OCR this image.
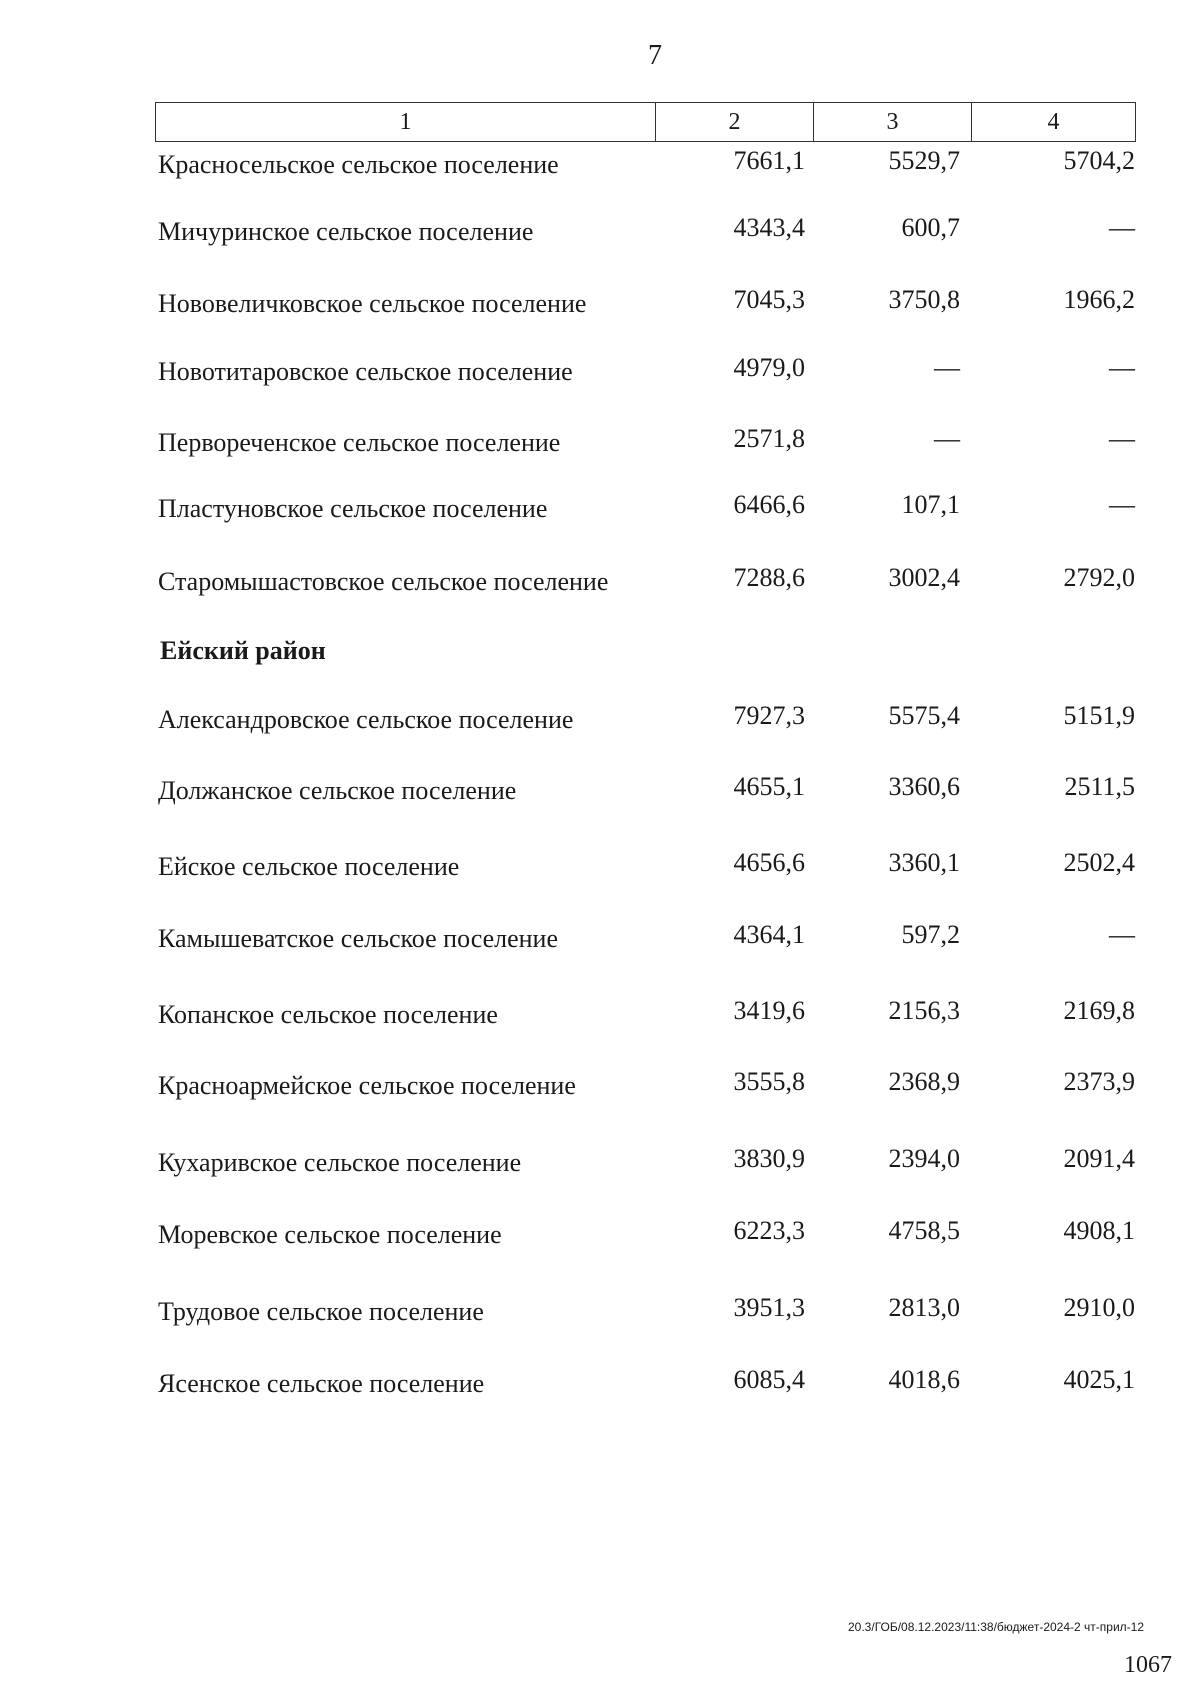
7
1	2	3	4
Красносельское сельское поселение	7661,1	5529,7	5704,2
Мичуринское сельское поселение	4343,4	600,7	—
Нововеличковское сельское поселение	7045,3	3750,8	1966,2
Новотитаровское сельское поселение	4979,0	—	—
Первореченское сельское поселение	2571,8	—	—
Пластуновское сельское поселение	6466,6	107,1	—
Старомышастовское сельское поселение	7288,6	3002,4	2792,0
Ейский район
Александровское сельское поселение	7927,3	5575,4	5151,9
Должанское сельское поселение	4655,1	3360,6	2511,5
Ейское сельское поселение	4656,6	3360,1	2502,4
Камышеватское сельское поселение	4364,1	597,2	—
Копанское сельское поселение	3419,6	2156,3	2169,8
Красноармейское сельское поселение	3555,8	2368,9	2373,9
Кухаривское сельское поселение	3830,9	2394,0	2091,4
Моревское сельское поселение	6223,3	4758,5	4908,1
Трудовое сельское поселение	3951,3	2813,0	2910,0
Ясенское сельское поселение	6085,4	4018,6	4025,1
20.3/ГОБ/08.12.2023/11:38/бюджет-2024-2 чт-прил-12
1067
